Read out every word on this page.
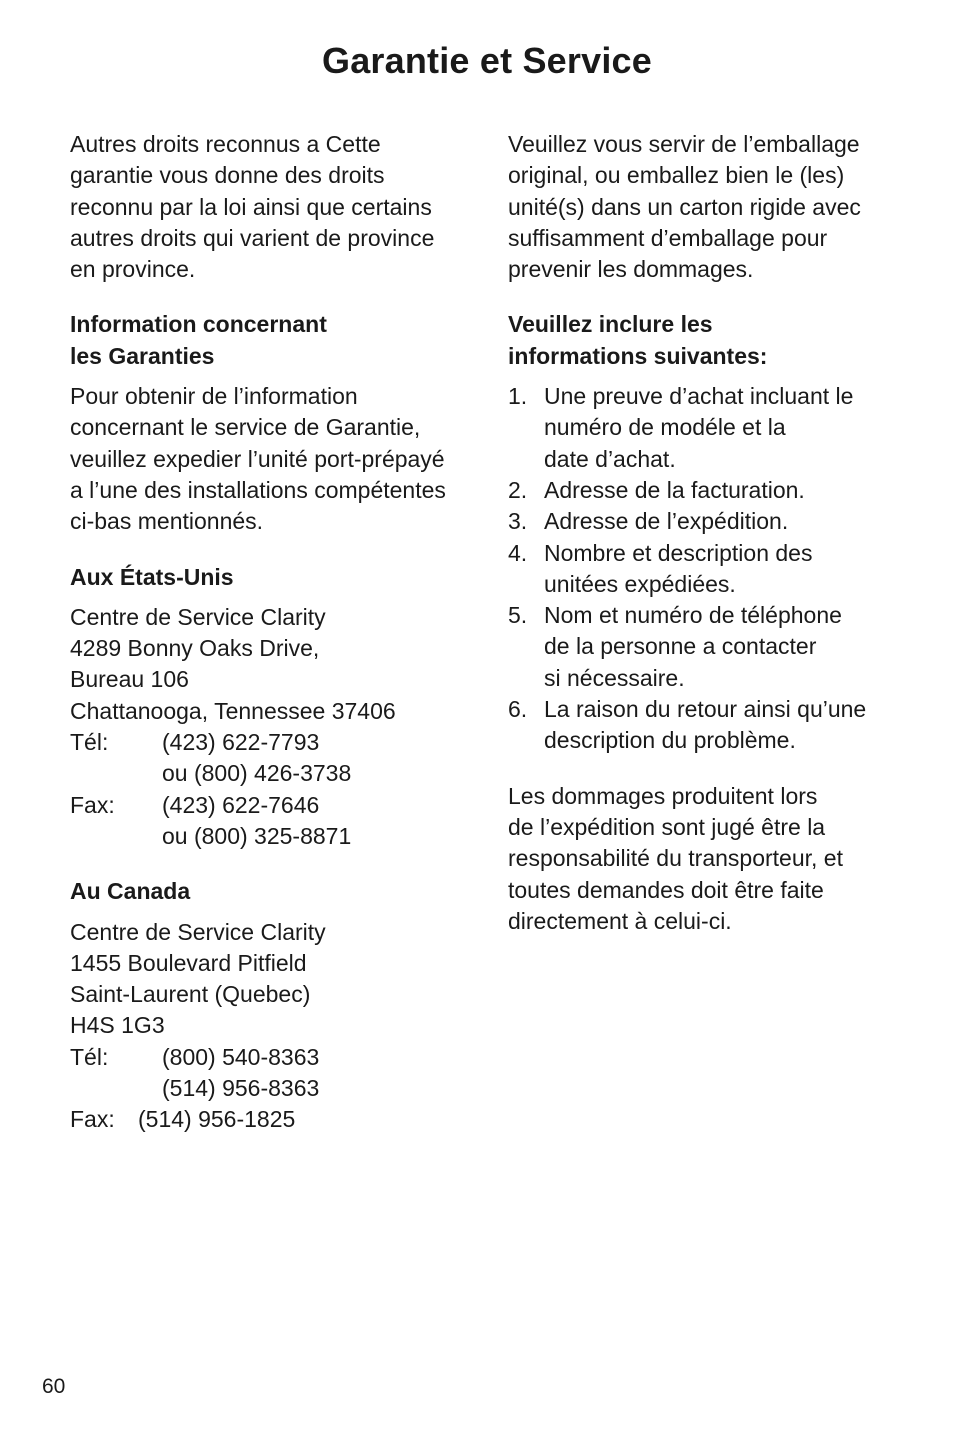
Garantie et Service

Autres droits reconnus a Cette
garantie vous donne des droits
reconnu par la loi ainsi que certains
autres droits qui varient de province
en province.

Information concernant
les Garanties

Pour obtenir de l’information
concernant le service de Garantie,
veuillez expedier l’unité port-prépayé
a l’une des installations compétentes
ci-bas mentionnés.

Aux États-Unis

Centre de Service Clarity
4289 Bonny Oaks Drive,
Bureau 106
Chattanooga, Tennessee 37406
Tél:	(423) 622-7793
ou (800) 426-3738
Fax:	(423) 622-7646
ou (800) 325-8871

Au Canada

Centre de Service Clarity
1455 Boulevard Pitfield
Saint-Laurent (Quebec)
H4S 1G3
Tél:	(800) 540-8363
(514) 956-8363
Fax:	(514) 956-1825

Veuillez vous servir de l’emballage
original, ou emballez bien le (les)
unité(s) dans un carton rigide avec
suffisamment d’emballage pour
prevenir les dommages.

Veuillez inclure les
informations suivantes:

1. Une preuve d’achat incluant le
numéro de modéle et la
date d’achat.
2. Adresse de la facturation.
3. Adresse de l’expédition.
4. Nombre et description des
unitées expédiées.
5. Nom et numéro de téléphone
de la personne a contacter
si nécessaire.
6. La raison du retour ainsi qu’une
description du problème.

Les dommages produitent lors
de l’expédition sont jugé être la
responsabilité du transporteur, et
toutes demandes doit être faite
directement à celui-ci.

60
